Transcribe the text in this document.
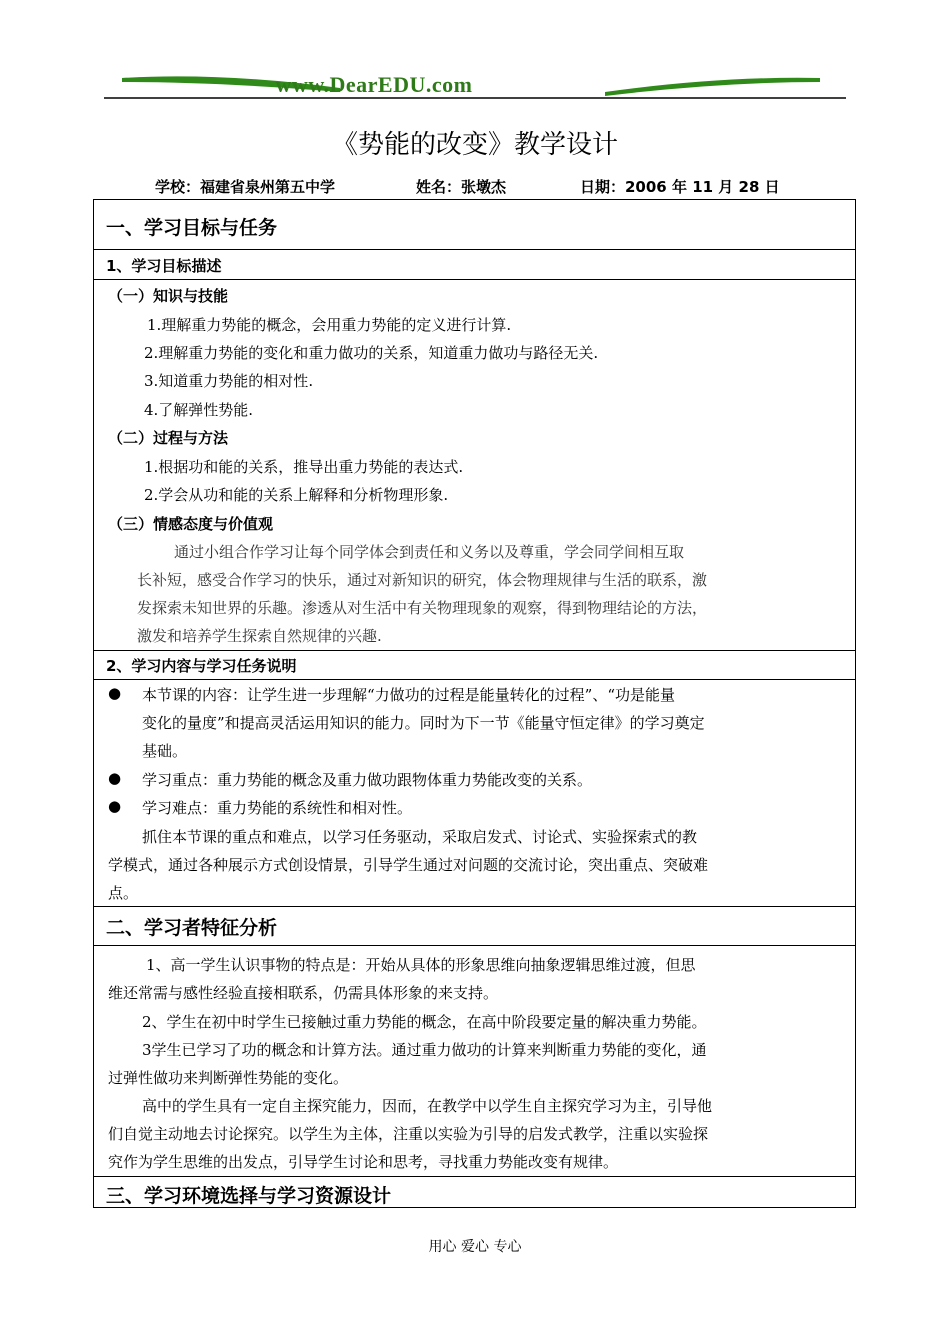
www.DearEDU.com
《势能的改变》教学设计
学校：福建省泉州第五中学	姓名：张墩杰	日期：2006 年 11 月 28 日
一、学习目标与任务
1、学习目标描述
（一）知识与技能
1.理解重力势能的概念，会用重力势能的定义进行计算.
2.理解重力势能的变化和重力做功的关系，知道重力做功与路径无关.
3.知道重力势能的相对性.
4.了解弹性势能.
（二）过程与方法
1.根据功和能的关系，推导出重力势能的表达式.
2.学会从功和能的关系上解释和分析物理形象.
（三）情感态度与价值观
通过小组合作学习让每个同学体会到责任和义务以及尊重，学会同学间相互取
长补短，感受合作学习的快乐，通过对新知识的研究，体会物理规律与生活的联系，激
发探索未知世界的乐趣。渗透从对生活中有关物理现象的观察，得到物理结论的方法，
激发和培养学生探索自然规律的兴趣.
2、学习内容与学习任务说明
● 本节课的内容：让学生进一步理解“力做功的过程是能量转化的过程”、“功是能量
变化的量度”和提高灵活运用知识的能力。同时为下一节《能量守恒定律》的学习奠定
基础。
● 学习重点：重力势能的概念及重力做功跟物体重力势能改变的关系。
● 学习难点：重力势能的系统性和相对性。
抓住本节课的重点和难点，以学习任务驱动，采取启发式、讨论式、实验探索式的教
学模式，通过各种展示方式创设情景，引导学生通过对问题的交流讨论，突出重点、突破难
点。
二、学习者特征分析
1、高一学生认识事物的特点是：开始从具体的形象思维向抽象逻辑思维过渡，但思
维还常需与感性经验直接相联系，仍需具体形象的来支持。
2、学生在初中时学生已接触过重力势能的概念，在高中阶段要定量的解决重力势能。
3学生已学习了功的概念和计算方法。通过重力做功的计算来判断重力势能的变化，通
过弹性做功来判断弹性势能的变化。
高中的学生具有一定自主探究能力，因而，在教学中以学生自主探究学习为主，引导他
们自觉主动地去讨论探究。以学生为主体，注重以实验为引导的启发式教学，注重以实验探
究作为学生思维的出发点，引导学生讨论和思考，寻找重力势能改变有规律。
三、学习环境选择与学习资源设计
用心 爱心 专心
